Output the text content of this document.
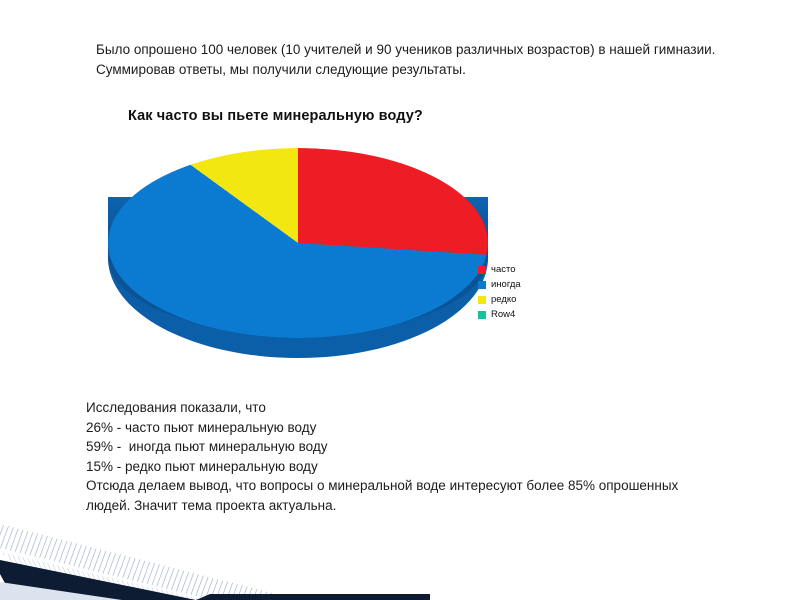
Было опрошено 100 человек (10 учителей и 90 учеников различных возрастов) в нашей гимназии. Суммировав ответы, мы получили следующие результаты.

Как часто вы пьете минеральную воду?
часто
иногда
редко
Row4
Исследования показали, что
26% - часто пьют минеральную воду
59% -  иногда пьют минеральную воду
15% - редко пьют минеральную воду
Отсюда делаем вывод, что вопросы о минеральной воде интересуют более 85% опрошенных людей. Значит тема проекта актуальна.
